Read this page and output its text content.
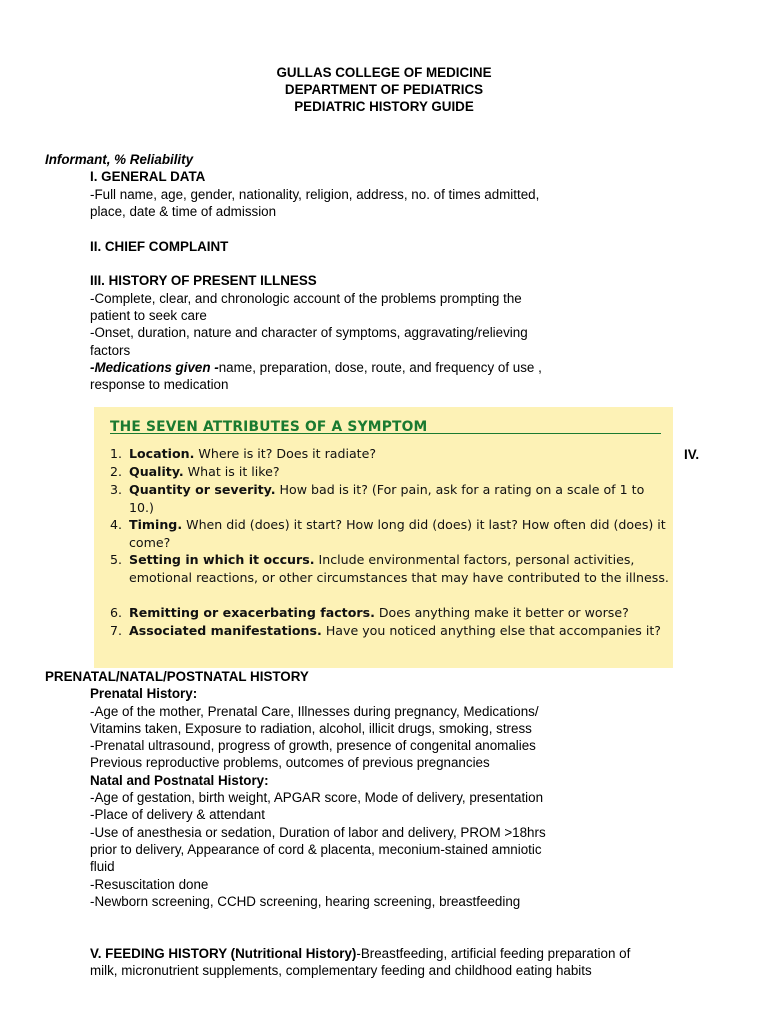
GULLAS COLLEGE OF MEDICINE

DEPARTMENT OF PEDIATRICS

PEDIATRIC HISTORY GUIDE

Informant, % Reliability

I. GENERAL DATA

-Full name, age, gender, nationality, religion, address, no. of times admitted,

place, date & time of admission

II. CHIEF COMPLAINT

III. HISTORY OF PRESENT ILLNESS

-Complete, clear, and chronologic account of the problems prompting the

patient to seek care

-Onset, duration, nature and character of symptoms, aggravating/relieving

factors

-Medications given -name, preparation, dose, route, and frequency of use ,

response to medication

THE SEVEN ATTRIBUTES OF A SYMPTOM
1. Location. Where is it? Does it radiate?
2. Quality. What is it like?
3. Quantity or severity. How bad is it? (For pain, ask for a rating on a scale of 1 to 10.)
4. Timing. When did (does) it start? How long did (does) it last? How often did (does) it come?
5. Setting in which it occurs. Include environmental factors, personal activities, emotional reactions, or other circumstances that may have contributed to the illness.
6. Remitting or exacerbating factors. Does anything make it better or worse?
7. Associated manifestations. Have you noticed anything else that accompanies it?

IV.

PRENATAL/NATAL/POSTNATAL HISTORY

Prenatal History:

-Age of the mother, Prenatal Care, Illnesses during pregnancy, Medications/

Vitamins taken, Exposure to radiation, alcohol, illicit drugs, smoking, stress

-Prenatal ultrasound, progress of growth, presence of congenital anomalies

Previous reproductive problems, outcomes of previous pregnancies

Natal and Postnatal History:

-Age of gestation, birth weight, APGAR score, Mode of delivery, presentation

-Place of delivery & attendant

-Use of anesthesia or sedation, Duration of labor and delivery, PROM >18hrs

prior to delivery, Appearance of cord & placenta, meconium-stained amniotic

fluid

-Resuscitation done

-Newborn screening, CCHD screening, hearing screening, breastfeeding

V. FEEDING HISTORY (Nutritional History)-Breastfeeding, artificial feeding preparation of

milk, micronutrient supplements, complementary feeding and childhood eating habits
